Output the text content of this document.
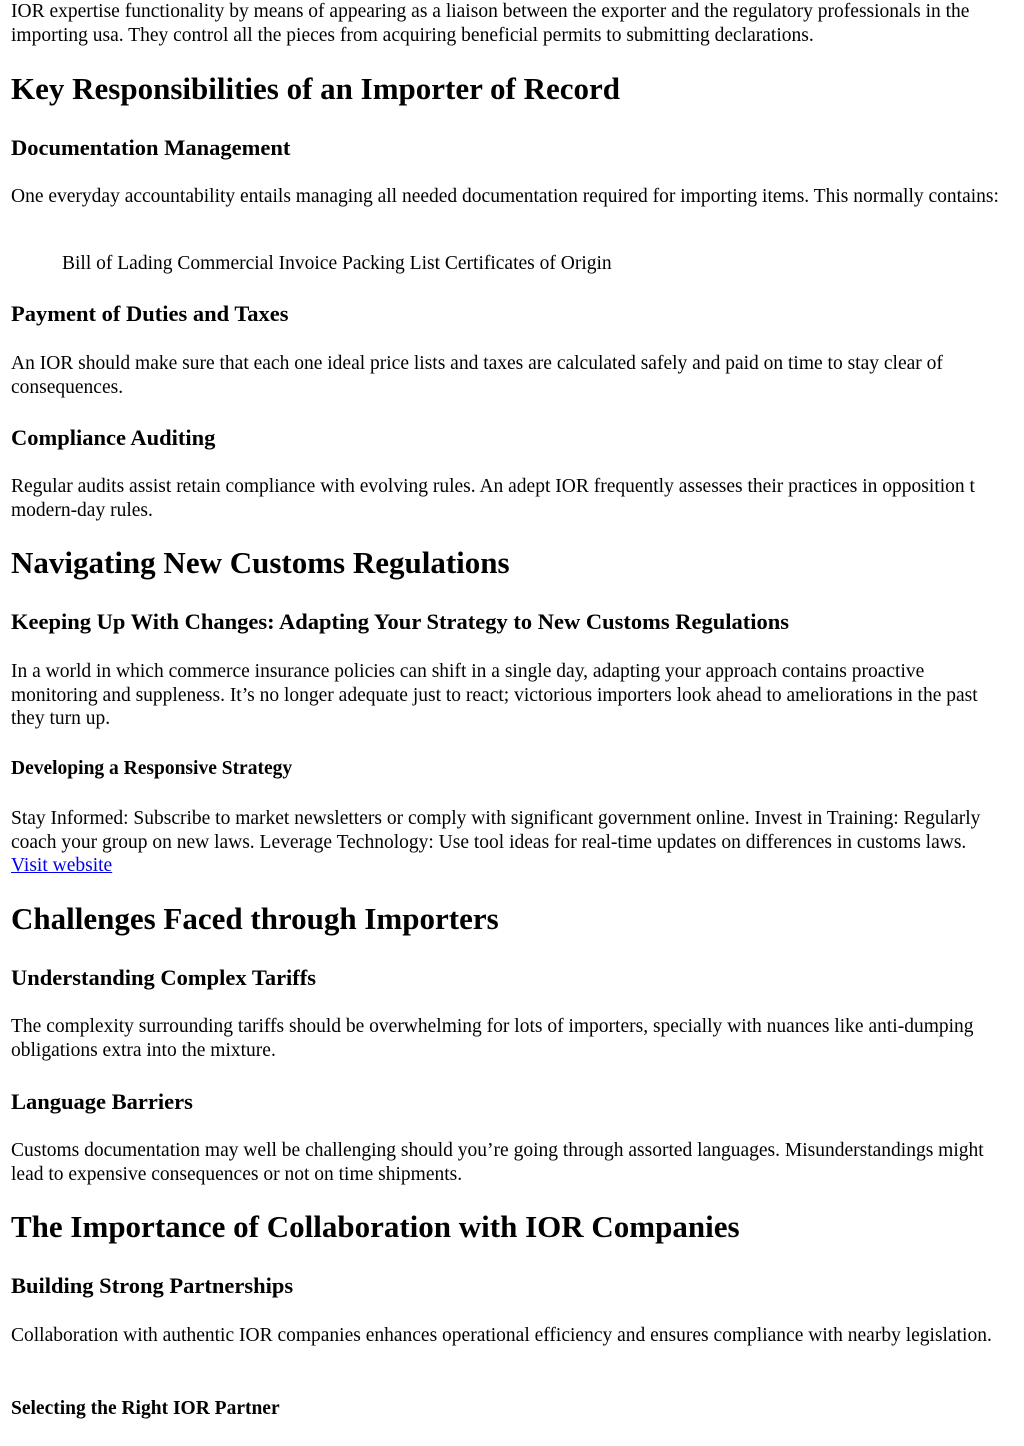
IOR expertise functionality by means of appearing as a liaison between the exporter and the regulatory professionals in the importing usa. They control all the pieces from acquiring beneficial permits to submitting declarations.

Key Responsibilities of an Importer of Record
Documentation Management

One everyday accountability entails managing all needed documentation required for importing items. This normally contains:

Bill of Lading Commercial Invoice Packing List Certificates of Origin

Payment of Duties and Taxes

An IOR should make sure that each one ideal price lists and taxes are calculated safely and paid on time to stay clear of consequences.

Compliance Auditing

Regular audits assist retain compliance with evolving rules. An adept IOR frequently assesses their practices in opposition t modern-day rules.

Navigating New Customs Regulations
Keeping Up With Changes: Adapting Your Strategy to New Customs Regulations

In a world in which commerce insurance policies can shift in a single day, adapting your approach contains proactive monitoring and suppleness. It’s no longer adequate just to react; victorious importers look ahead to ameliorations in the past they turn up.

Developing a Responsive Strategy

Stay Informed: Subscribe to market newsletters or comply with significant government online. Invest in Training: Regularly coach your group on new laws. Leverage Technology: Use tool ideas for real-time updates on differences in customs laws. Visit website

Challenges Faced through Importers
Understanding Complex Tariffs

The complexity surrounding tariffs should be overwhelming for lots of importers, specially with nuances like anti-dumping obligations extra into the mixture.

Language Barriers

Customs documentation may well be challenging should you’re going through assorted languages. Misunderstandings might lead to expensive consequences or not on time shipments.

The Importance of Collaboration with IOR Companies
Building Strong Partnerships

Collaboration with authentic IOR companies enhances operational efficiency and ensures compliance with nearby legislation.

Selecting the Right IOR Partner
